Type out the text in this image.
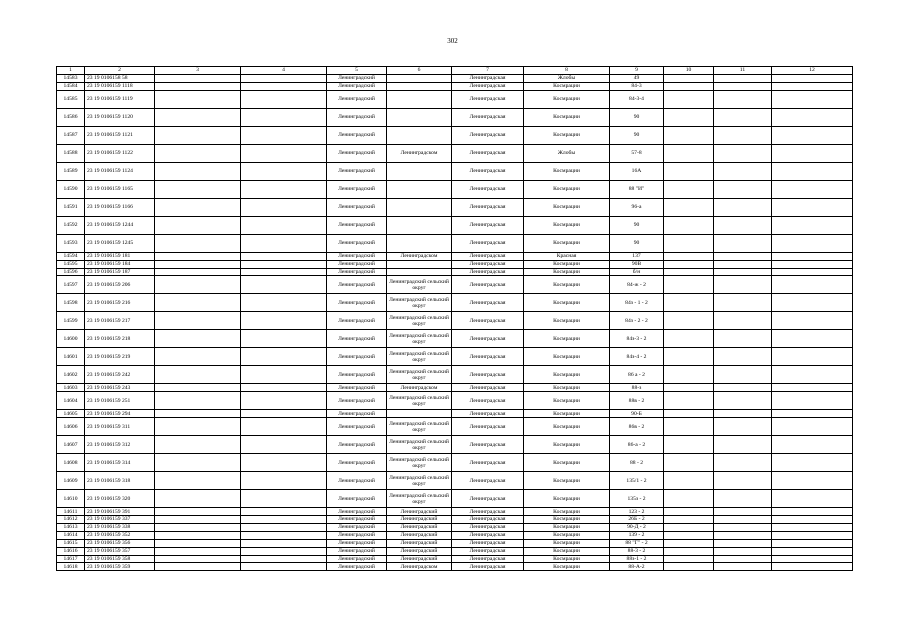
302
1	2	3	4	5	6	7	8	9	10	11	12
14583	23 19 0106158 58			Ленинградский		Ленинградская	Жлобы	49			
14584	23 19 0106159 1118			Ленинградский		Ленинградская	Космрации	84-3			
14585	23 19 0106159 1119			Ленинградский		Ленинградская	Космрации	84-3-4			
14586	23 19 0106159 1120			Ленинградский		Ленинградская	Космрации	90			
14587	23 19 0106159 1121			Ленинградский		Ленинградская	Космрации	90			
14588	23 19 0106159 1122			Ленинградский	Ленинградском	Ленинградская	Жлобы	57-8			
14589	23 19 0106159 1124			Ленинградский		Ленинградская	Космрации	16А			
14590	23 19 0106159 1165			Ленинградский		Ленинградская	Космрации	88 "И"			
14591	23 19 0106159 1166			Ленинградский		Ленинградская	Космрации	96-а			
14592	23 19 0106159 1244			Ленинградский		Ленинградская	Космрации	90			
14593	23 19 0106159 1245			Ленинградский		Ленинградская	Космрации	90			
14594	23 19 0106159 181			Ленинградский	Ленинградском	Ленинградская	Красная	137			
14595	23 19 0106159 184			Ленинградский		Ленинградская	Космрации	90В			
14596	23 19 0106159 187			Ленинградский		Ленинградская	Космрации	б/н			
14597	23 19 0106159 206			Ленинградский	Ленинградский сельский округ	Ленинградская	Космрации	84-ж - 2			
14598	23 19 0106159 216			Ленинградский	Ленинградский сельский округ	Ленинградская	Космрации	84з - 1 - 2			
14599	23 19 0106159 217			Ленинградский	Ленинградский сельский округ	Ленинградская	Космрации	84з - 2 - 2			
14600	23 19 0106159 218			Ленинградский	Ленинградский сельский округ	Ленинградская	Космрации	84з-3 - 2			
14601	23 19 0106159 219			Ленинградский	Ленинградский сельский округ	Ленинградская	Космрации	84з-4 - 2			
14602	23 19 0106159 242			Ленинградский	Ленинградский сельский округ	Ленинградская	Космрации	86 а - 2			
14603	23 19 0106159 243			Ленинградский	Ленинградском	Ленинградская	Космрации	88-з			
14604	23 19 0106159 251			Ленинградский	Ленинградский сельский округ	Ленинградская	Космрации	88в - 2			
14605	23 19 0106159 294			Ленинградский		Ленинградская	Космрации	90-Б			
14606	23 19 0106159 311			Ленинградский	Ленинградский сельский округ	Ленинградская	Космрации	86в - 2			
14607	23 19 0106159 312			Ленинградский	Ленинградский сельский округ	Ленинградская	Космрации	86-а - 2			
14608	23 19 0106159 314			Ленинградский	Ленинградский сельский округ	Ленинградская	Космрации	88 - 2			
14609	23 19 0106159 318			Ленинградский	Ленинградский сельский округ	Ленинградская	Космрации	135/1 - 2			
14610	23 19 0106159 320			Ленинградский	Ленинградский сельский округ	Ленинградская	Космрации	135з - 2			
14611	23 19 0106159 391			Ленинградский	Ленинградский	Ленинградская	Космрации	123 - 2			
14612	23 19 0106159 337			Ленинградский	Ленинградский	Ленинградская	Космрации	26Б - 2			
14613	23 19 0106159 338			Ленинградский	Ленинградский	Ленинградская	Космрации	90-Д - 2			
14614	23 19 0106159 352			Ленинградский	Ленинградский	Ленинградская	Космрации	139 - 2			
14615	23 19 0106159 356			Ленинградский	Ленинградский	Ленинградская	Космрации	88 "Г" - 2			
14616	23 19 0106159 357			Ленинградский	Ленинградский	Ленинградская	Космрации	88-3 - 2			
14617	23 19 0106159 358			Ленинградский	Ленинградский	Ленинградская	Космрации	88з-1 - 2			
14618	23 19 0106159 359			Ленинградский	Ленинградском	Ленинградская	Космрации	88-А-2			
